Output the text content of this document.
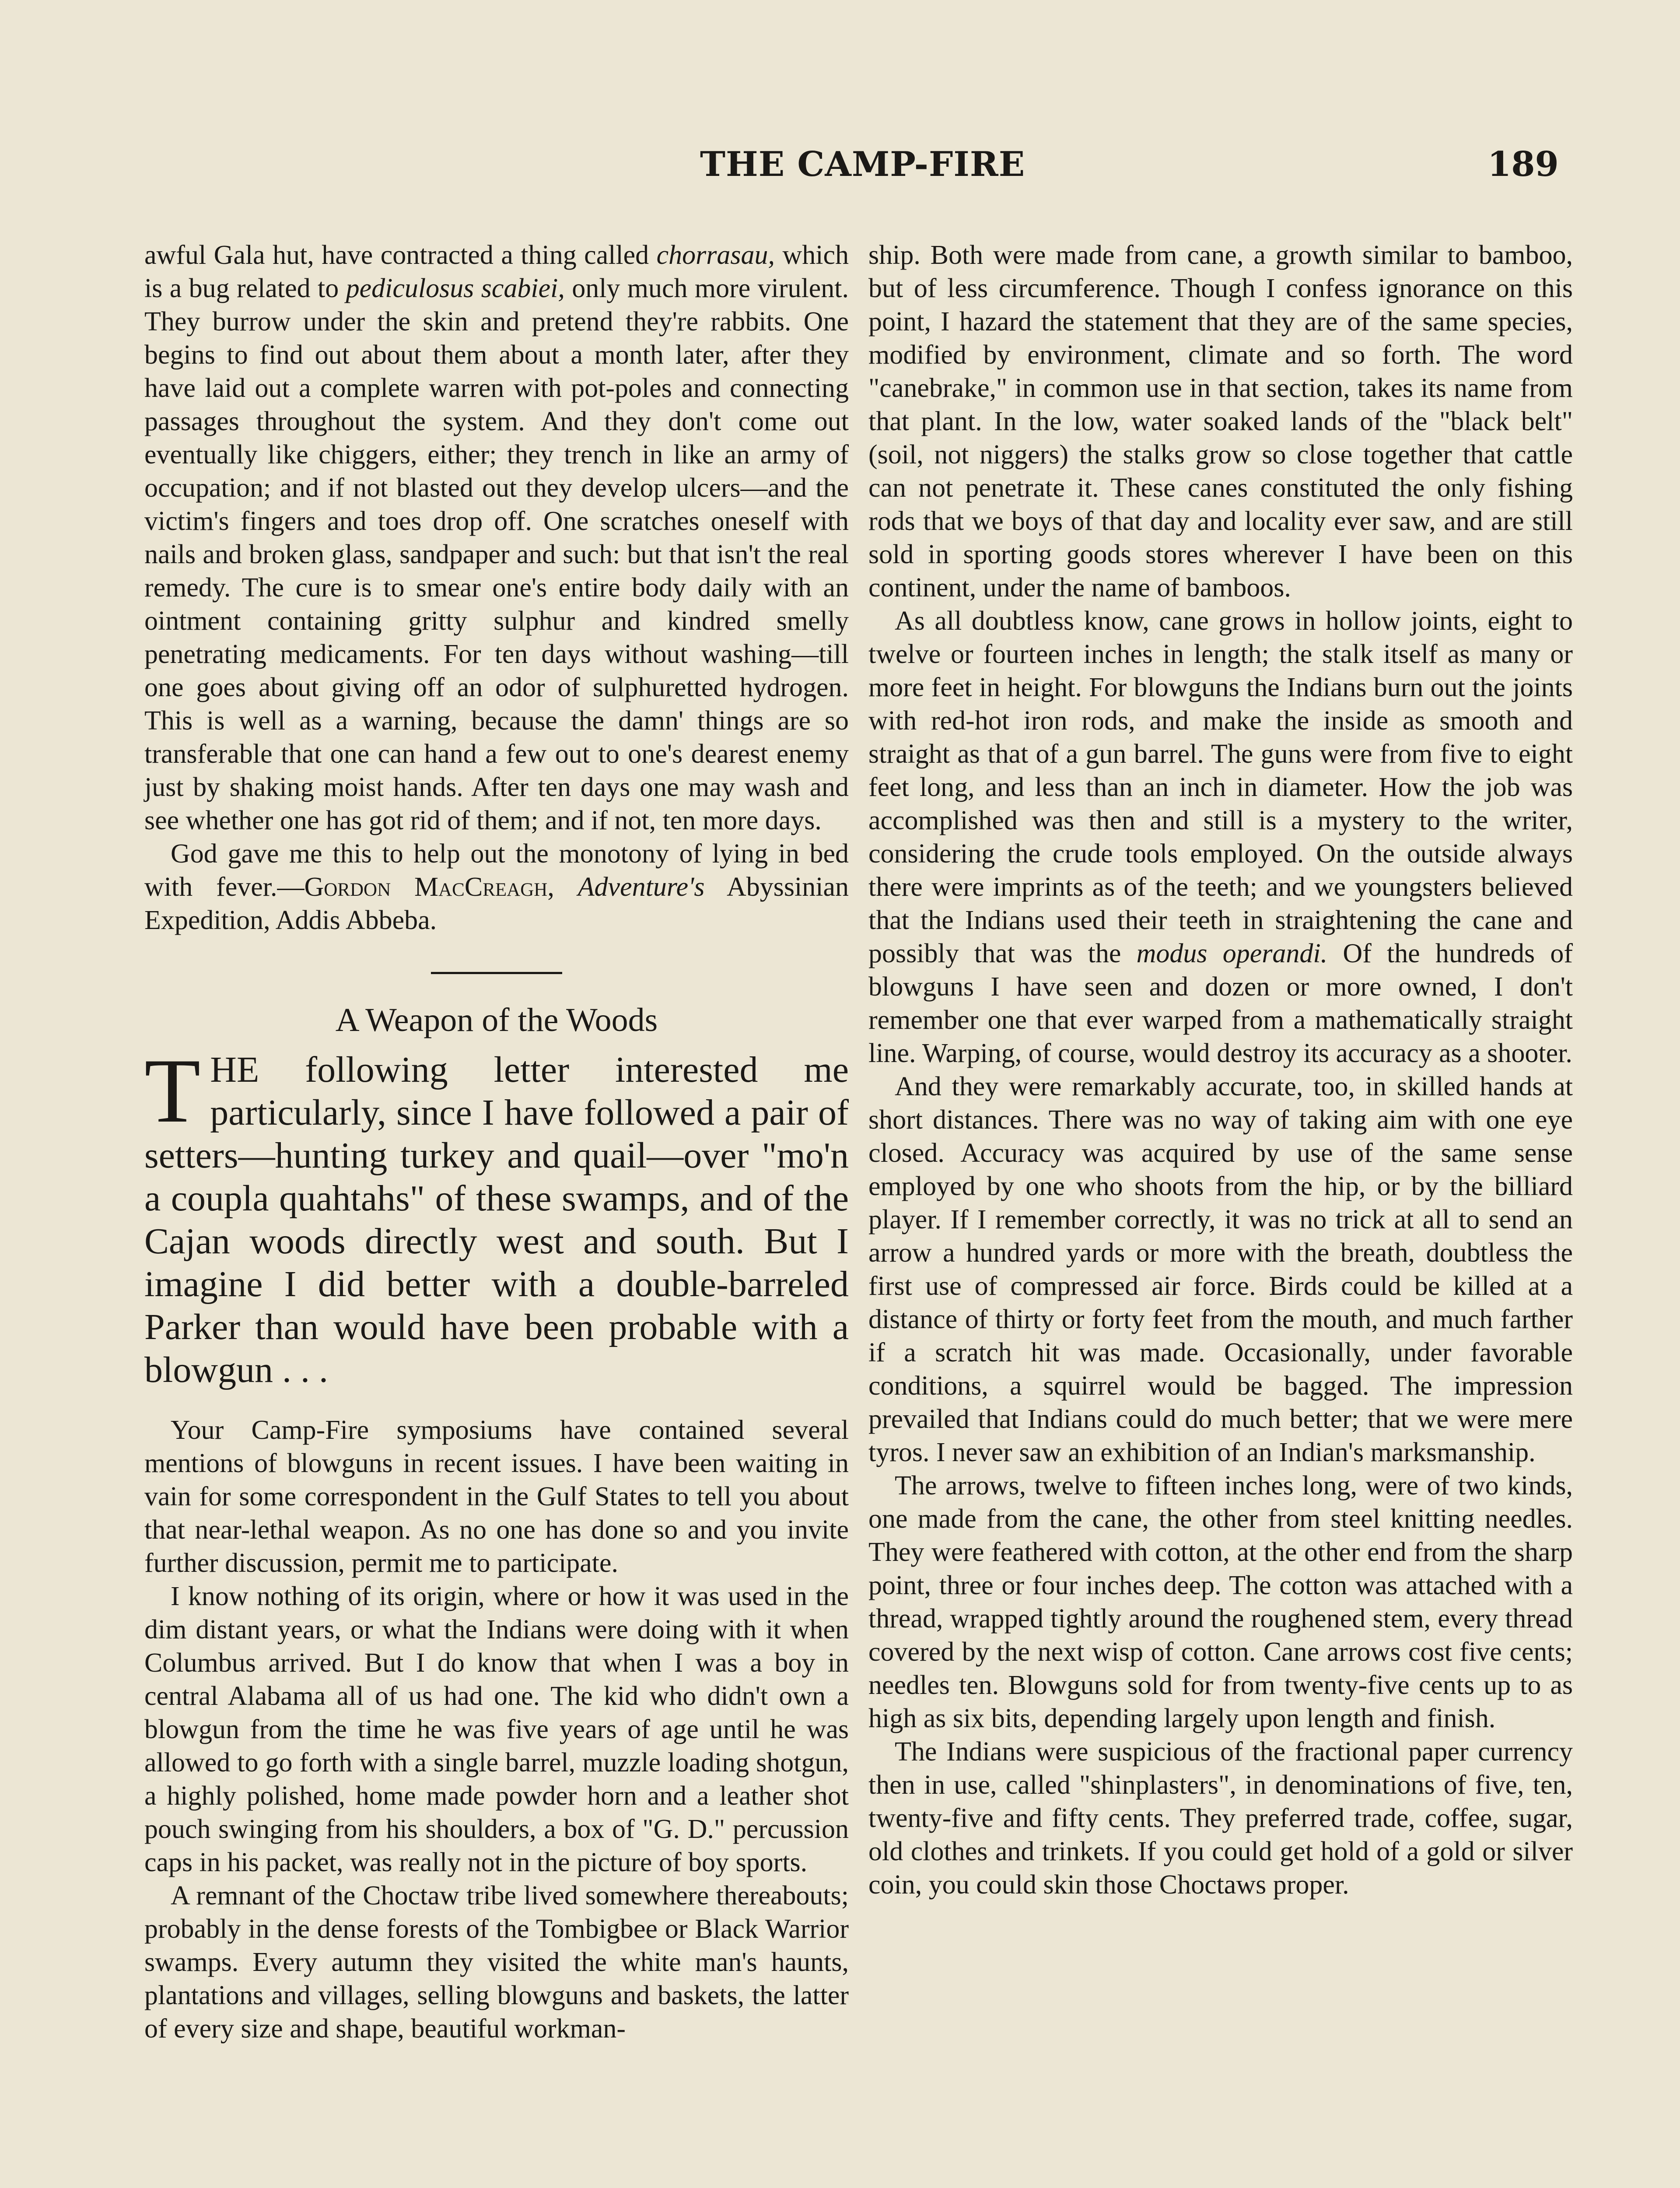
THE CAMP-FIRE	189

awful Gala hut, have contracted a thing called chorrasau, which is a bug related to pediculosus scabiei, only much more virulent. They burrow under the skin and pretend they're rabbits. One begins to find out about them about a month later, after they have laid out a complete warren with pot-poles and connecting passages throughout the system. And they don't come out eventually like chiggers, either; they trench in like an army of occupation; and if not blasted out they develop ulcers—and the victim's fingers and toes drop off. One scratches oneself with nails and broken glass, sandpaper and such: but that isn't the real remedy. The cure is to smear one's entire body daily with an ointment containing gritty sulphur and kindred smelly penetrating medicaments. For ten days without washing—till one goes about giving off an odor of sulphuretted hydrogen. This is well as a warning, because the damn' things are so transferable that one can hand a few out to one's dearest enemy just by shaking moist hands. After ten days one may wash and see whether one has got rid of them; and if not, ten more days.

God gave me this to help out the monotony of lying in bed with fever.—Gordon MacCreagh, Adventure's Abyssinian Expedition, Addis Abbeba.

A Weapon of the Woods
THE following letter interested me particularly, since I have followed a pair of setters—hunting turkey and quail—over "mo'n a coupla quahtahs" of these swamps, and of the Cajan woods directly west and south. But I imagine I did better with a double-barreled Parker than would have been probable with a blowgun . . .

Your Camp-Fire symposiums have contained several mentions of blowguns in recent issues. I have been waiting in vain for some correspondent in the Gulf States to tell you about that near-lethal weapon. As no one has done so and you invite further discussion, permit me to participate.

I know nothing of its origin, where or how it was used in the dim distant years, or what the Indians were doing with it when Columbus arrived. But I do know that when I was a boy in central Alabama all of us had one. The kid who didn't own a blowgun from the time he was five years of age until he was allowed to go forth with a single barrel, muzzle loading shotgun, a highly polished, home made powder horn and a leather shot pouch swinging from his shoulders, a box of "G. D." percussion caps in his packet, was really not in the picture of boy sports.

A remnant of the Choctaw tribe lived somewhere thereabouts; probably in the dense forests of the Tombigbee or Black Warrior swamps. Every autumn they visited the white man's haunts, plantations and villages, selling blowguns and baskets, the latter of every size and shape, beautiful workman-

ship. Both were made from cane, a growth similar to bamboo, but of less circumference. Though I confess ignorance on this point, I hazard the statement that they are of the same species, modified by environment, climate and so forth. The word "canebrake," in common use in that section, takes its name from that plant. In the low, water soaked lands of the "black belt" (soil, not niggers) the stalks grow so close together that cattle can not penetrate it. These canes constituted the only fishing rods that we boys of that day and locality ever saw, and are still sold in sporting goods stores wherever I have been on this continent, under the name of bamboos.

As all doubtless know, cane grows in hollow joints, eight to twelve or fourteen inches in length; the stalk itself as many or more feet in height. For blowguns the Indians burn out the joints with red-hot iron rods, and make the inside as smooth and straight as that of a gun barrel. The guns were from five to eight feet long, and less than an inch in diameter. How the job was accomplished was then and still is a mystery to the writer, considering the crude tools employed. On the outside always there were imprints as of the teeth; and we youngsters believed that the Indians used their teeth in straightening the cane and possibly that was the modus operandi. Of the hundreds of blowguns I have seen and dozen or more owned, I don't remember one that ever warped from a mathematically straight line. Warping, of course, would destroy its accuracy as a shooter.

And they were remarkably accurate, too, in skilled hands at short distances. There was no way of taking aim with one eye closed. Accuracy was acquired by use of the same sense employed by one who shoots from the hip, or by the billiard player. If I remember correctly, it was no trick at all to send an arrow a hundred yards or more with the breath, doubtless the first use of compressed air force. Birds could be killed at a distance of thirty or forty feet from the mouth, and much farther if a scratch hit was made. Occasionally, under favorable conditions, a squirrel would be bagged. The impression prevailed that Indians could do much better; that we were mere tyros. I never saw an exhibition of an Indian's marksmanship.

The arrows, twelve to fifteen inches long, were of two kinds, one made from the cane, the other from steel knitting needles. They were feathered with cotton, at the other end from the sharp point, three or four inches deep. The cotton was attached with a thread, wrapped tightly around the roughened stem, every thread covered by the next wisp of cotton. Cane arrows cost five cents; needles ten. Blowguns sold for from twenty-five cents up to as high as six bits, depending largely upon length and finish.

The Indians were suspicious of the fractional paper currency then in use, called "shinplasters", in denominations of five, ten, twenty-five and fifty cents. They preferred trade, coffee, sugar, old clothes and trinkets. If you could get hold of a gold or silver coin, you could skin those Choctaws proper.
